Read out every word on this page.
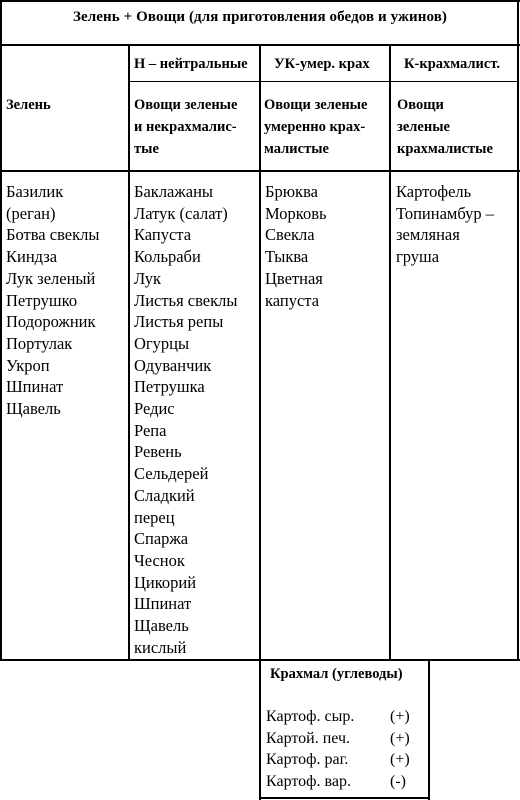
Зелень + Овощи (для приготовления обедов и ужинов)
Н – нейтральные УК-умер. крах К-крахмалист.
Зелень	Овощи зеленые
и некрахмалис-
тые
Овощи зеленые
умеренно крах-
малистые
Овощи
зеленые
крахмалистые
Базилик
(реган)
Ботва свеклы
Киндза
Лук зеленый
Петрушко
Подорожник
Портулак
Укроп
Шпинат
Щавель
Баклажаны
Латук (салат)
Капуста
Кольраби
Лук
Листья свеклы
Листья репы
Огурцы
Одуванчик
Петрушка
Редис
Репа
Ревень
Сельдерей
Сладкий
перец
Спаржа
Чеснок
Цикорий
Шпинат
Щавель
кислый
Брюква
Морковь
Свекла
Тыква
Цветная
капуста
Картофель
Топинамбур –
земляная
груша
Крахмал (углеводы)
Картоф. сыр. (+)
Картой. печ. (+)
Картоф. раг.	(+)
Картоф. вар. (-)
